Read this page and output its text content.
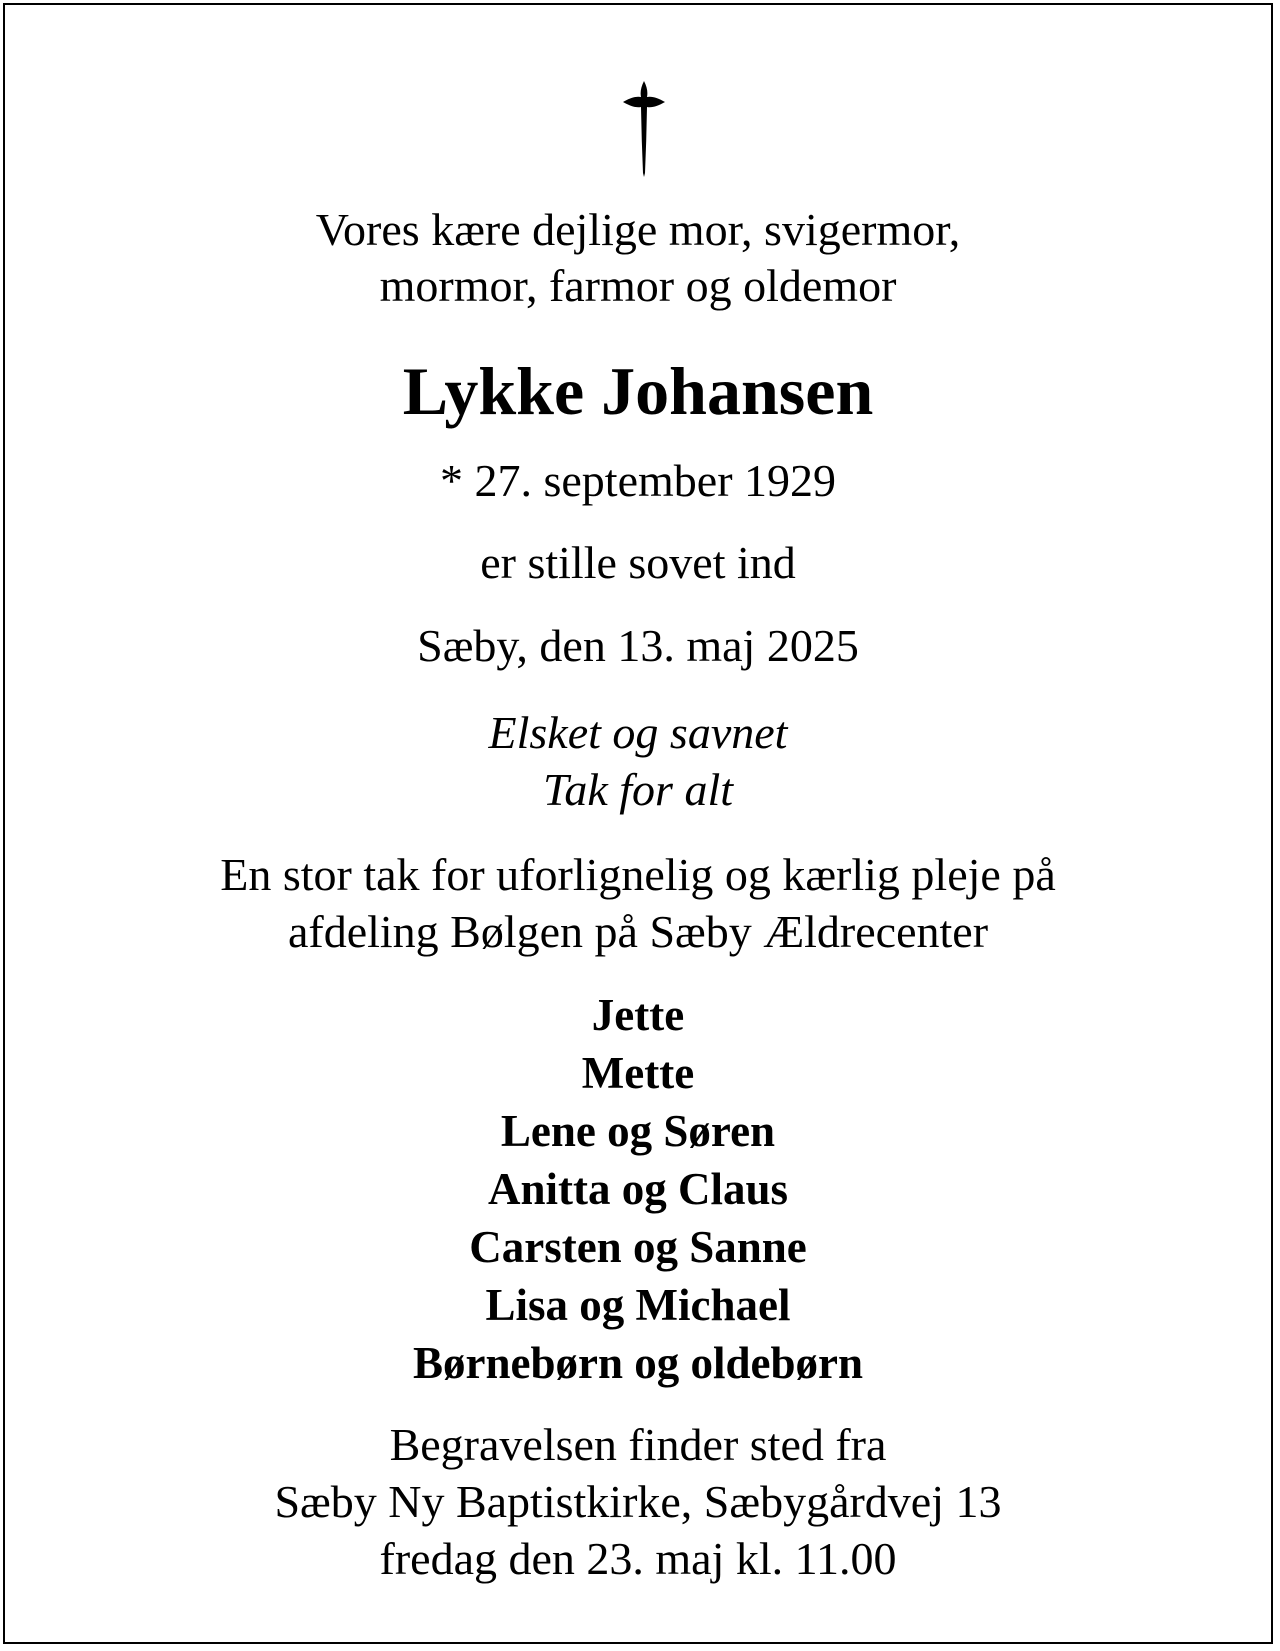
Vores kære dejlige mor, svigermor,
mormor, farmor og oldemor
Lykke Johansen
* 27. september 1929
er stille sovet ind
Sæby, den 13. maj 2025
Elsket og savnet
Tak for alt
En stor tak for uforlignelig og kærlig pleje på
afdeling Bølgen på Sæby Ældrecenter
Jette
Mette
Lene og Søren
Anitta og Claus
Carsten og Sanne
Lisa og Michael
Børnebørn og oldebørn
Begravelsen finder sted fra
Sæby Ny Baptistkirke, Sæbygårdvej 13
fredag den 23. maj kl. 11.00
